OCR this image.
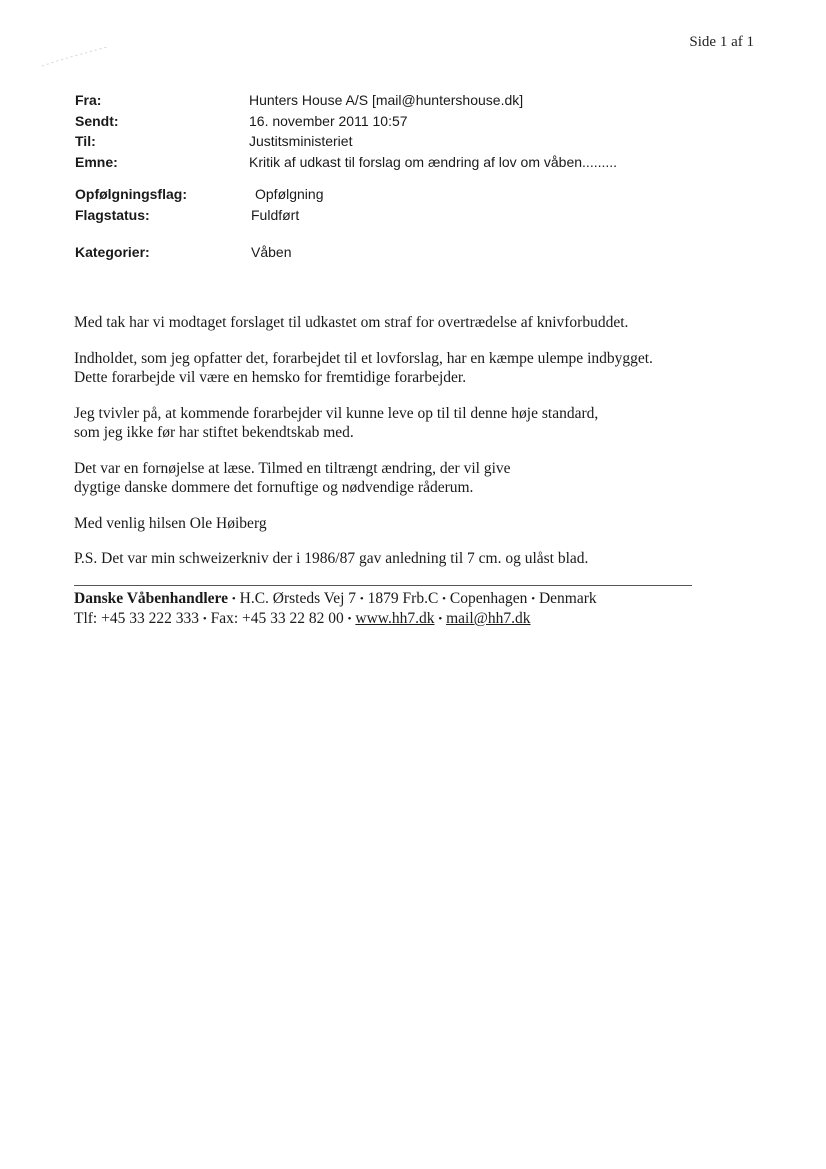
Side 1 af 1
Fra:	Hunters House A/S [mail@huntershouse.dk]
Sendt:	16. november 2011 10:57
Til:	Justitsministeriet
Emne:	Kritik af udkast til forslag om ændring af lov om våben.........
Opfølgningsflag:	Opfølgning
Flagstatus:	Fuldført
Kategorier:	Våben

Med tak har vi modtaget forslaget til udkastet om straf for overtrædelse af knivforbuddet.

Indholdet, som jeg opfatter det, forarbejdet til et lovforslag, har en kæmpe ulempe indbygget.
Dette forarbejde vil være en hemsko for fremtidige forarbejder.

Jeg tvivler på, at kommende forarbejder vil kunne leve op til til denne høje standard,
som jeg ikke før har stiftet bekendtskab med.

Det var en fornøjelse at læse. Tilmed en tiltrængt ændring, der vil give
dygtige danske dommere det fornuftige og nødvendige råderum.

Med venlig hilsen Ole Høiberg

P.S. Det var min schweizerkniv der i 1986/87 gav anledning til 7 cm. og ulåst blad.

Danske Våbenhandlere • H.C. Ørsteds Vej 7 • 1879 Frb.C • Copenhagen • Denmark
Tlf: +45 33 222 333 • Fax: +45 33 22 82 00 • www.hh7.dk • mail@hh7.dk
